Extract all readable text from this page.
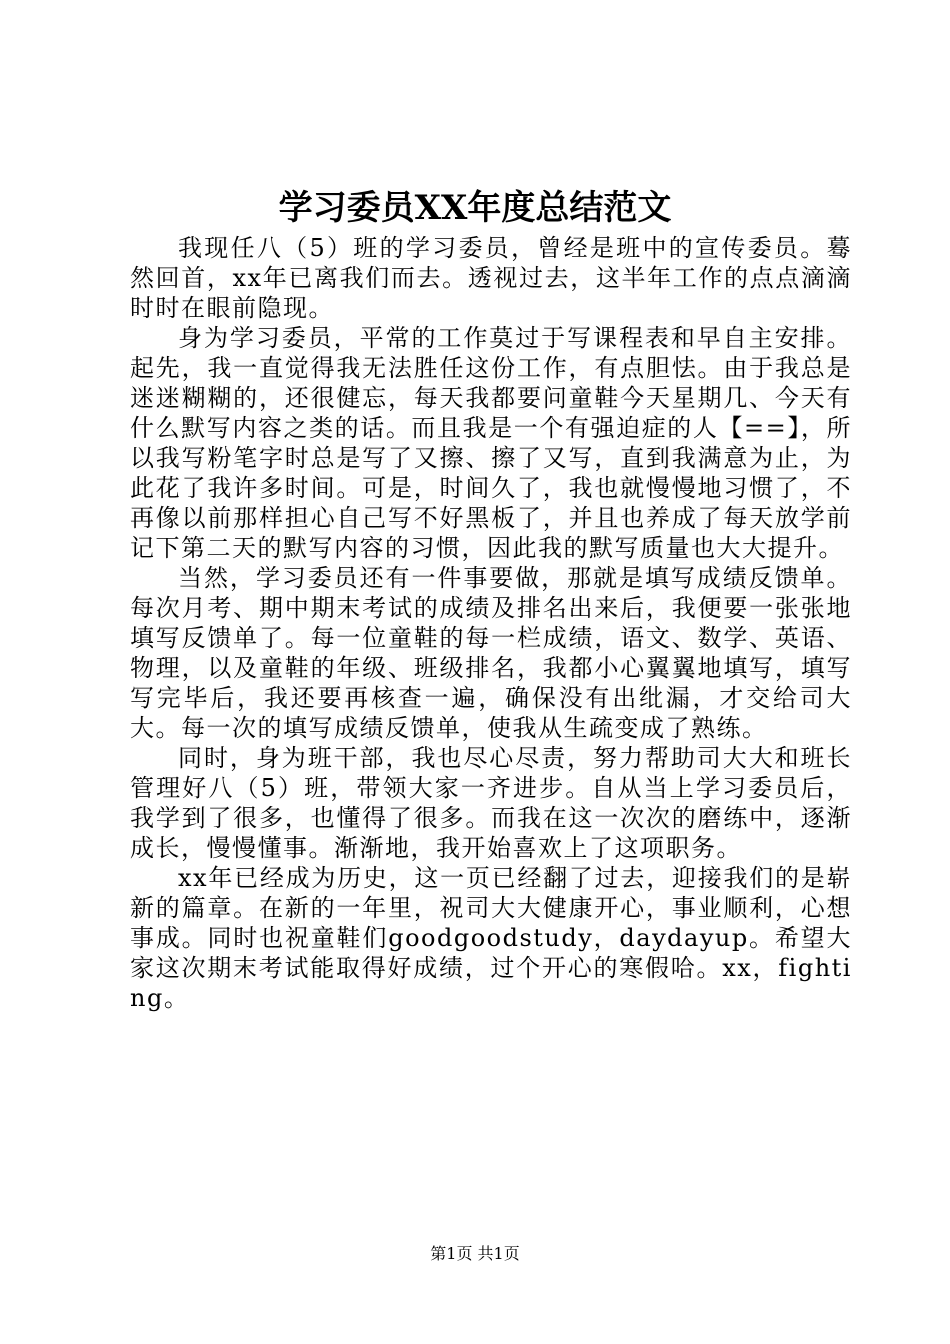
学习委员XX年度总结范文

我现任八（5）班的学习委员，曾经是班中的宣传委员。蓦然回首，xx年已离我们而去。透视过去，这半年工作的点点滴滴时时在眼前隐现。

身为学习委员，平常的工作莫过于写课程表和早自主安排。起先，我一直觉得我无法胜任这份工作，有点胆怯。由于我总是迷迷糊糊的，还很健忘，每天我都要问童鞋今天星期几、今天有什么默写内容之类的话。而且我是一个有强迫症的人【==】，所以我写粉笔字时总是写了又擦、擦了又写，直到我满意为止，为此花了我许多时间。可是，时间久了，我也就慢慢地习惯了，不再像以前那样担心自己写不好黑板了，并且也养成了每天放学前记下第二天的默写内容的习惯，因此我的默写质量也大大提升。

当然，学习委员还有一件事要做，那就是填写成绩反馈单。每次月考、期中期末考试的成绩及排名出来后，我便要一张张地填写反馈单了。每一位童鞋的每一栏成绩，语文、数学、英语、物理，以及童鞋的年级、班级排名，我都小心翼翼地填写，填写写完毕后，我还要再核查一遍，确保没有出纰漏，才交给司大大。每一次的填写成绩反馈单，使我从生疏变成了熟练。

同时，身为班干部，我也尽心尽责，努力帮助司大大和班长管理好八（5）班，带领大家一齐进步。自从当上学习委员后，我学到了很多，也懂得了很多。而我在这一次次的磨练中，逐渐成长，慢慢懂事。渐渐地，我开始喜欢上了这项职务。

xx年已经成为历史，这一页已经翻了过去，迎接我们的是崭新的篇章。在新的一年里，祝司大大健康开心，事业顺利，心想事成。同时也祝童鞋们goodgoodstudy，daydayup。希望大家这次期末考试能取得好成绩，过个开心的寒假哈。xx，fighting。

第1页 共1页
